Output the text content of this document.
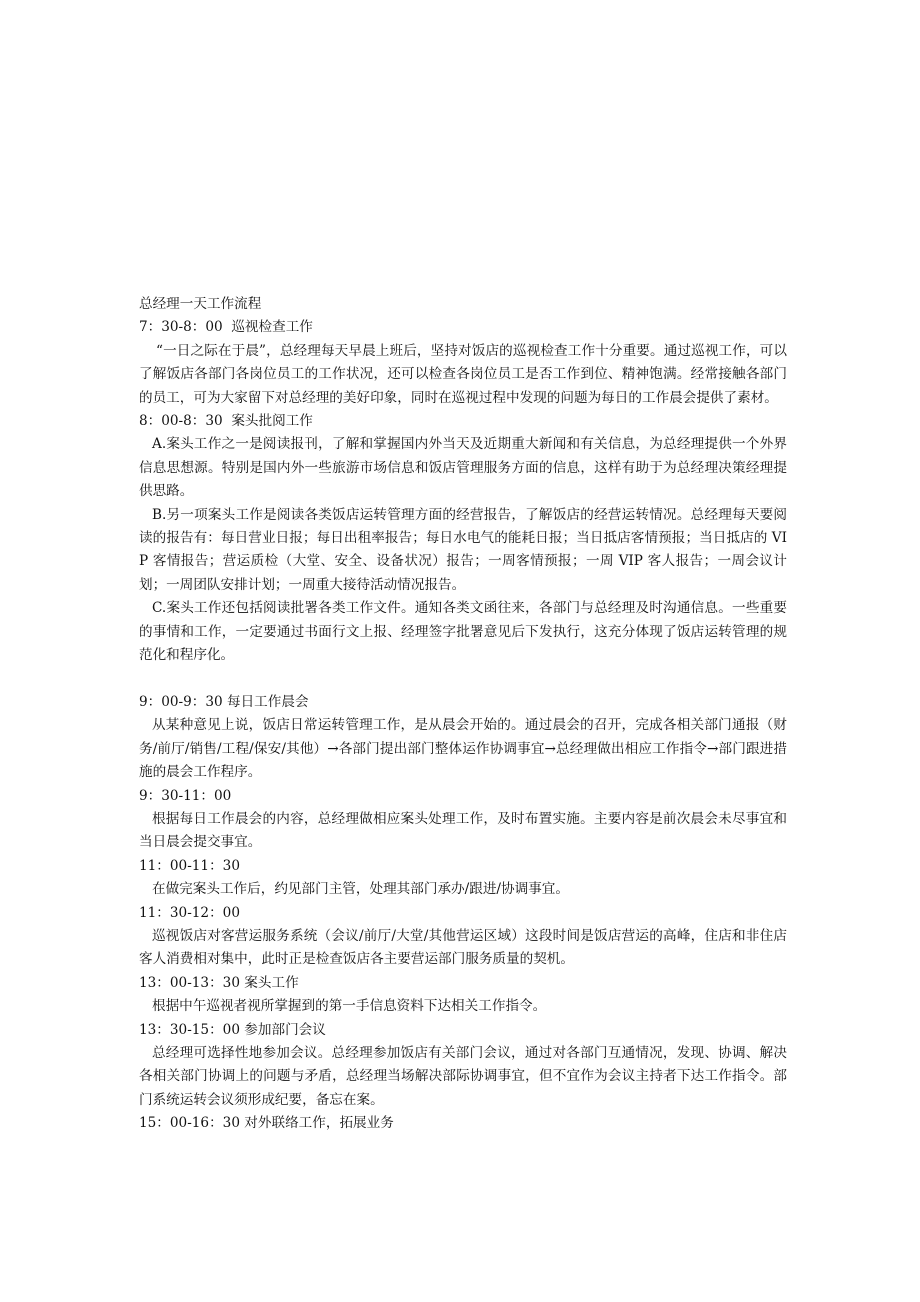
总经理一天工作流程

7：30-8：00  巡视检查工作

“一日之际在于晨”，总经理每天早晨上班后，坚持对饭店的巡视检查工作十分重要。通过巡视工作，可以了解饭店各部门各岗位员工的工作状况，还可以检查各岗位员工是否工作到位、精神饱满。经常接触各部门的员工，可为大家留下对总经理的美好印象，同时在巡视过程中发现的问题为每日的工作晨会提供了素材。

8：00-8：30  案头批阅工作

A.案头工作之一是阅读报刊，了解和掌握国内外当天及近期重大新闻和有关信息，为总经理提供一个外界信息思想源。特别是国内外一些旅游市场信息和饭店管理服务方面的信息，这样有助于为总经理决策经理提供思路。

B.另一项案头工作是阅读各类饭店运转管理方面的经营报告，了解饭店的经营运转情况。总经理每天要阅读的报告有：每日营业日报；每日出租率报告；每日水电气的能耗日报；当日抵店客情预报；当日抵店的 VIP 客情报告；营运质检（大堂、安全、设备状况）报告；一周客情预报；一周 VIP 客人报告；一周会议计划；一周团队安排计划；一周重大接待活动情况报告。

C.案头工作还包括阅读批署各类工作文件。通知各类文函往来，各部门与总经理及时沟通信息。一些重要的事情和工作，一定要通过书面行文上报、经理签字批署意见后下发执行，这充分体现了饭店运转管理的规范化和程序化。

9：00-9：30 每日工作晨会

从某种意见上说，饭店日常运转管理工作，是从晨会开始的。通过晨会的召开，完成各相关部门通报（财务/前厅/销售/工程/保安/其他）→各部门提出部门整体运作协调事宜→总经理做出相应工作指令→部门跟进措施的晨会工作程序。

9：30-11：00

根据每日工作晨会的内容，总经理做相应案头处理工作，及时布置实施。主要内容是前次晨会未尽事宜和当日晨会提交事宜。

11：00-11：30

在做完案头工作后，约见部门主管，处理其部门承办/跟进/协调事宜。

11：30-12：00

巡视饭店对客营运服务系统（会议/前厅/大堂/其他营运区域）这段时间是饭店营运的高峰，住店和非住店客人消费相对集中，此时正是检查饭店各主要营运部门服务质量的契机。

13：00-13：30 案头工作

根据中午巡视者视所掌握到的第一手信息资料下达相关工作指令。

13：30-15：00 参加部门会议

总经理可选择性地参加会议。总经理参加饭店有关部门会议，通过对各部门互通情况，发现、协调、解决各相关部门协调上的问题与矛盾，总经理当场解决部际协调事宜，但不宜作为会议主持者下达工作指令。部门系统运转会议须形成纪要，备忘在案。

15：00-16：30 对外联络工作，拓展业务
